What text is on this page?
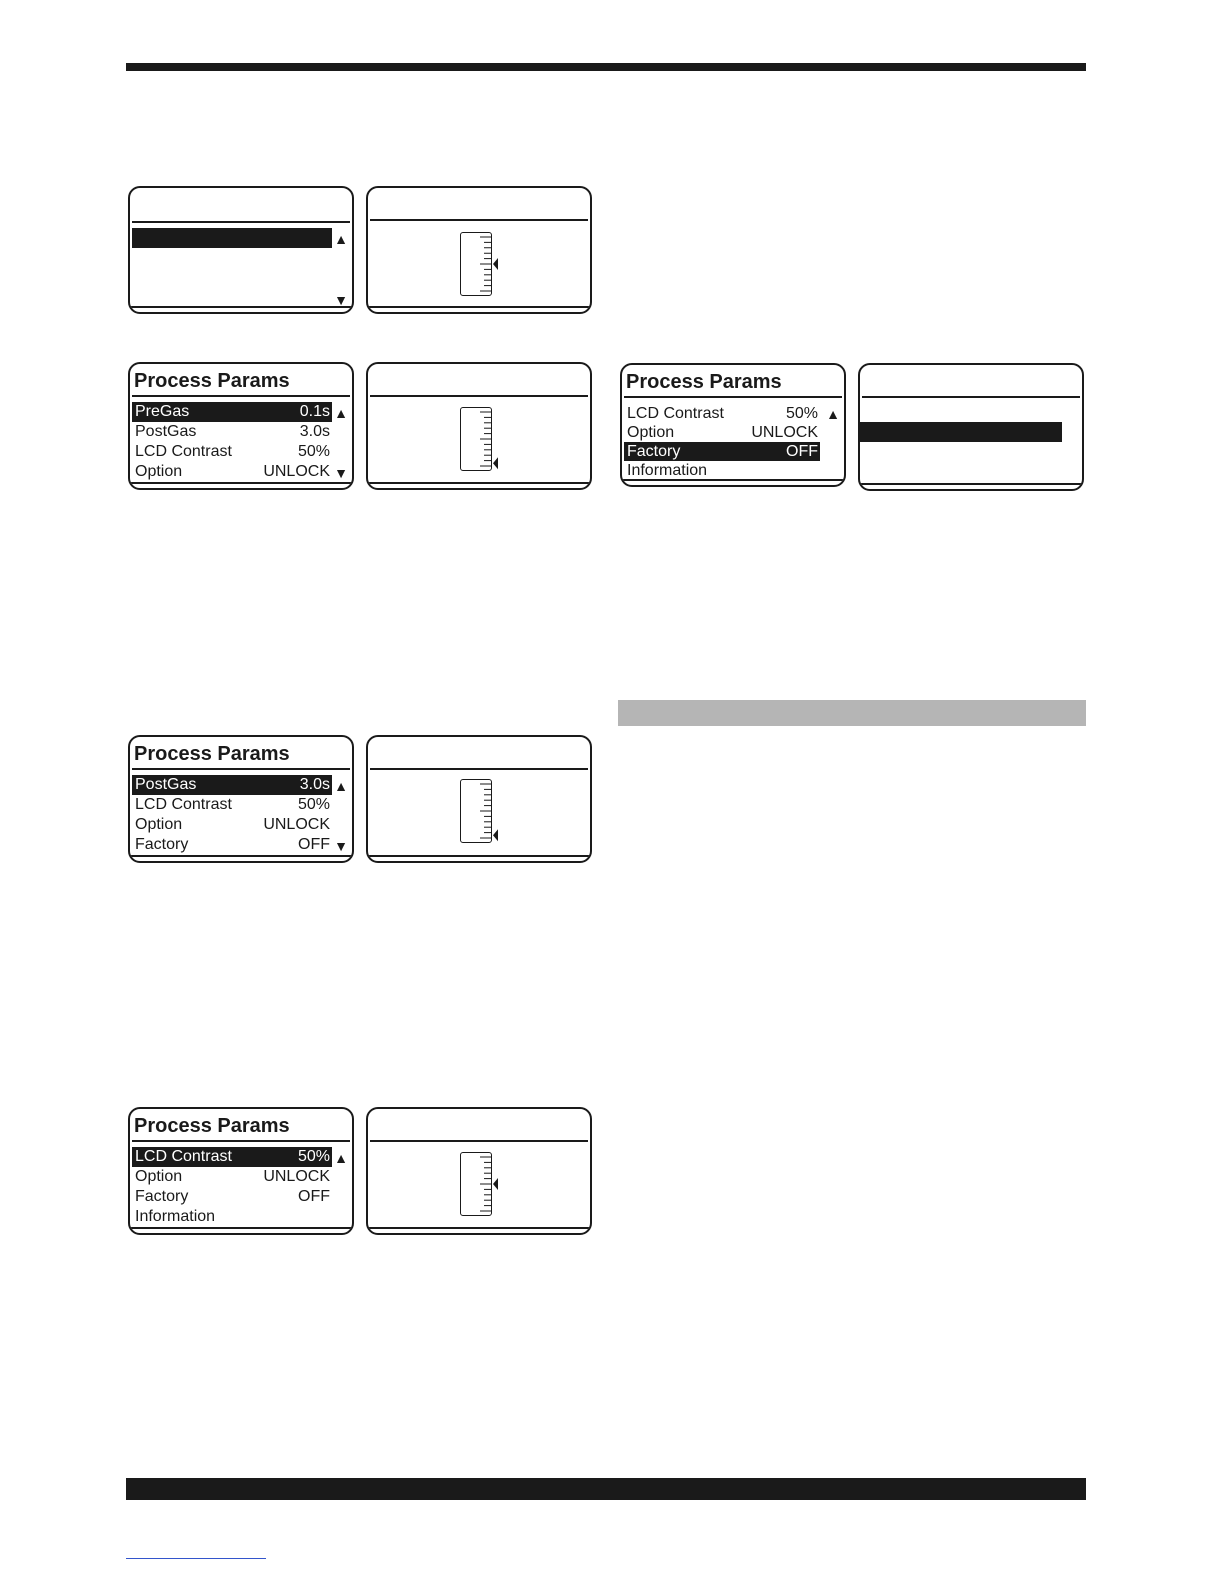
▲
▼
Process Params
PreGas	0.1s
PostGas	3.0s
LCD Contrast	50%
Option	UNLOCK
▲
▼
Process Params
LCD Contrast	50%
Option	UNLOCK
Factory	OFF
Information
▲
Process Params
PostGas	3.0s
LCD Contrast	50%
Option	UNLOCK
Factory	OFF
▲
▼
Process Params
LCD Contrast	50%
Option	UNLOCK
Factory	OFF
Information
▲
